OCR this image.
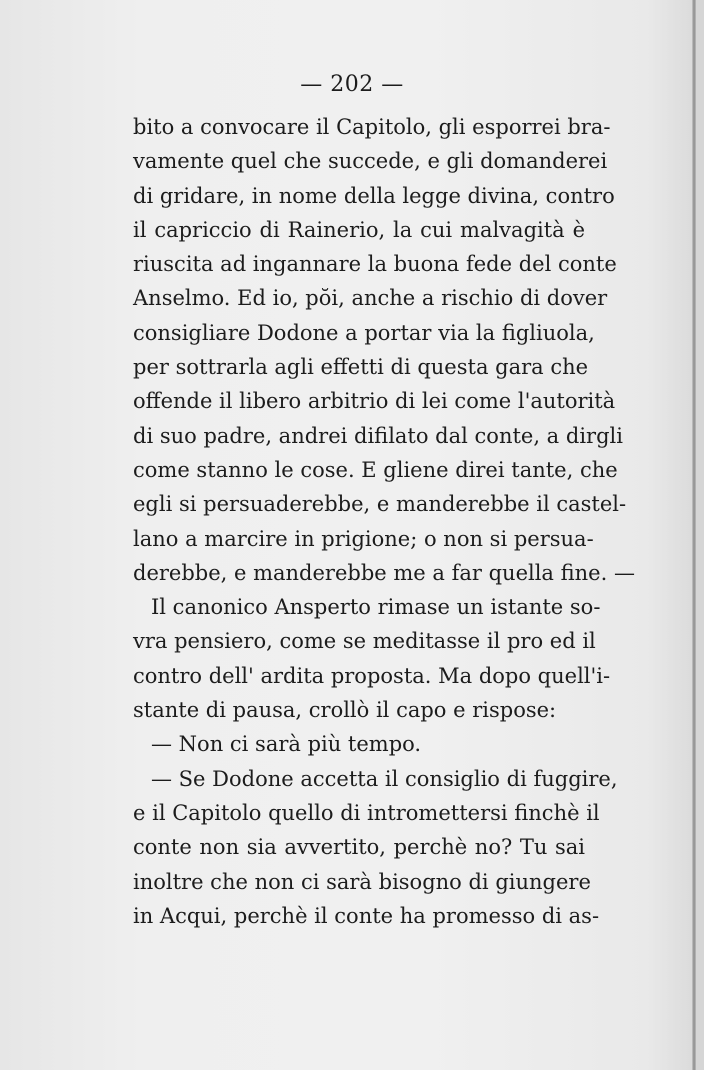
— 202 —
bito a convocare il Capitolo, gli esporrei bra-
vamente quel che succede, e gli domanderei
di gridare, in nome della legge divina, contro
il capriccio di Rainerio, la cui malvagità è
riuscita ad ingannare la buona fede del conte
Anselmo. Ed io, pŏi, anche a rischio di dover
consigliare Dodone a portar via la figliuola,
per sottrarla agli effetti di questa gara che
offende il libero arbitrio di lei come l'autorità
di suo padre, andrei difilato dal conte, a dirgli
come stanno le cose. E gliene direi tante, che
egli si persuaderebbe, e manderebbe il castel-
lano a marcire in prigione; o non si persua-
derebbe, e manderebbe me a far quella fine. —
Il canonico Ansperto rimase un istante so-
vra pensiero, come se meditasse il pro ed il
contro dell' ardita proposta. Ma dopo quell'i-
stante di pausa, crollò il capo e rispose:
— Non ci sarà più tempo.
— Se Dodone accetta il consiglio di fuggire,
e il Capitolo quello di intromettersi finchè il
conte non sia avvertito, perchè no? Tu sai
inoltre che non ci sarà bisogno di giungere
in Acqui, perchè il conte ha promesso di as-
